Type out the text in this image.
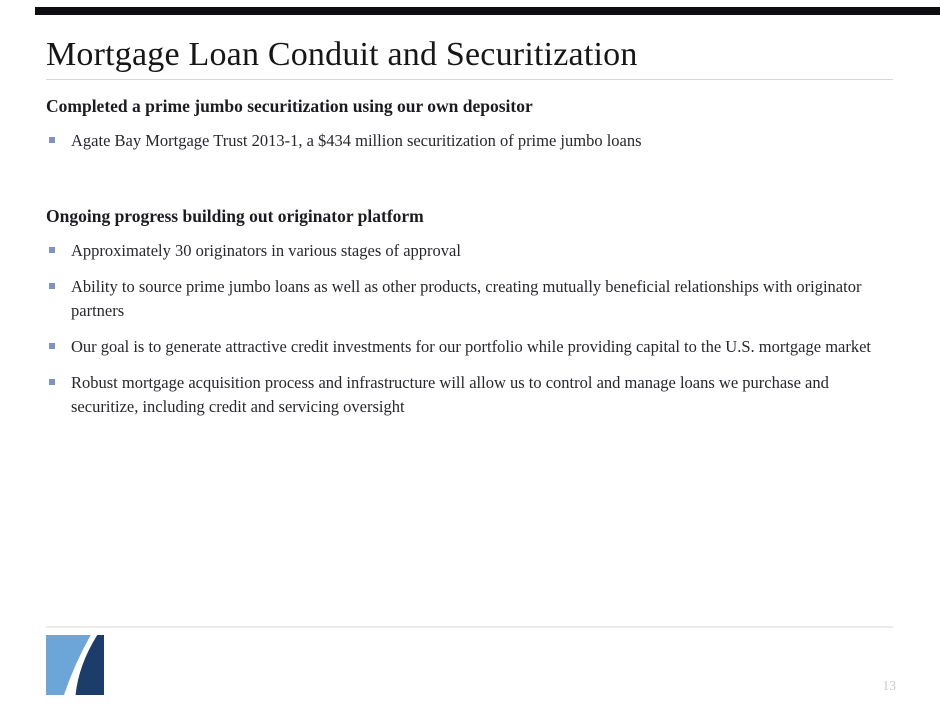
Mortgage Loan Conduit and Securitization
Completed a prime jumbo securitization using our own depositor
Agate Bay Mortgage Trust 2013-1, a $434 million securitization of prime jumbo loans
Ongoing progress building out originator platform
Approximately 30 originators in various stages of approval
Ability to source prime jumbo loans as well as other products, creating mutually beneficial relationships with originator partners
Our goal is to generate attractive credit investments for our portfolio while providing capital to the U.S. mortgage market
Robust mortgage acquisition process and infrastructure will allow us to control and manage loans we purchase and securitize, including credit and servicing oversight
13
